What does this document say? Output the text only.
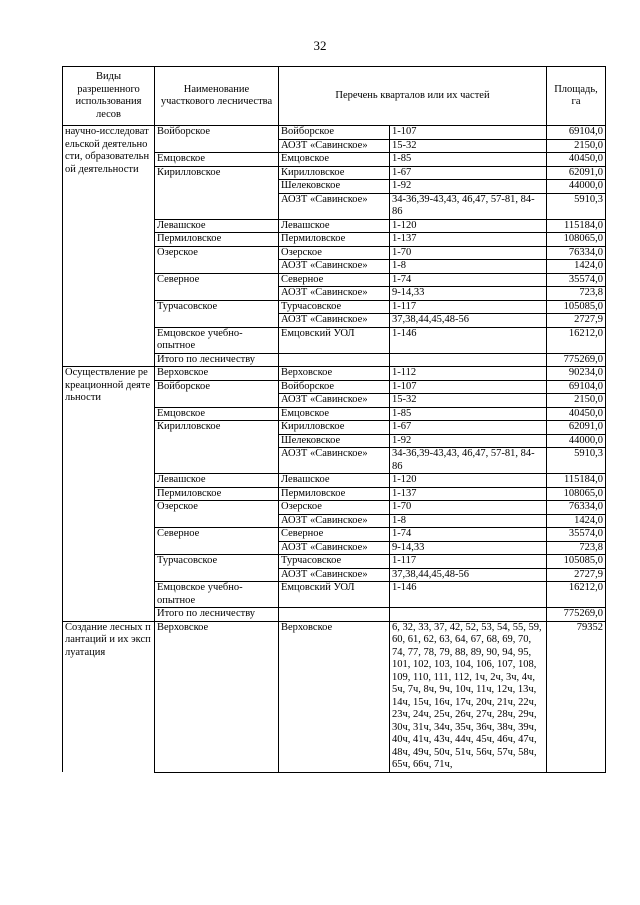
32
Виды разрешенного использования лесов	Наименование участкового лесничества	Перечень кварталов или их частей		Площадь, га
научно-исследовательской деятельности, образовательной деятельности	Войборское	Войборское	1-107	69104,0
		АОЗТ «Савинское»	15-32	2150,0
	Емцовское	Емцовское	1-85	40450,0
	Кирилловское	Кирилловское	1-67	62091,0
		Шелековское	1-92	44000,0
		АОЗТ «Савинское»	34-36,39-43,43, 46,47, 57-81, 84-86	5910,3
	Левашское	Левашское	1-120	115184,0
	Пермиловское	Пермиловское	1-137	108065,0
	Озерское	Озерское	1-70	76334,0
		АОЗТ «Савинское»	1-8	1424,0
	Северное	Северное	1-74	35574,0
		АОЗТ «Савинское»	9-14,33	723,8
	Турчасовское	Турчасовское	1-117	105085,0
		АОЗТ «Савинское»	37,38,44,45,48-56	2727,9
	Емцовское учебно-опытное	Емцовский УОЛ	1-146	16212,0
	Итого по лесничеству			775269,0
Осуществление рекреационной деятельности	Верховское	Верховское	1-112	90234,0
	Войборское	Войборское	1-107	69104,0
		АОЗТ «Савинское»	15-32	2150,0
	Емцовское	Емцовское	1-85	40450,0
	Кирилловское	Кирилловское	1-67	62091,0
		Шелековское	1-92	44000,0
		АОЗТ «Савинское»	34-36,39-43,43, 46,47, 57-81, 84-86	5910,3
	Левашское	Левашское	1-120	115184,0
	Пермиловское	Пермиловское	1-137	108065,0
	Озерское	Озерское	1-70	76334,0
		АОЗТ «Савинское»	1-8	1424,0
	Северное	Северное	1-74	35574,0
		АОЗТ «Савинское»	9-14,33	723,8
	Турчасовское	Турчасовское	1-117	105085,0
		АОЗТ «Савинское»	37,38,44,45,48-56	2727,9
	Емцовское учебно-опытное	Емцовский УОЛ	1-146	16212,0
	Итого по лесничеству			775269,0
Создание лесных плантаций и их эксплуатация	Верховское	Верховское	6, 32, 33, 37, 42, 52, 53, 54, 55, 59, 60, 61, 62, 63, 64, 67, 68, 69, 70, 74, 77, 78, 79, 88, 89, 90, 94, 95, 101, 102, 103, 104, 106, 107, 108, 109, 110, 111, 112, 1ч, 2ч, 3ч, 4ч, 5ч, 7ч, 8ч, 9ч, 10ч, 11ч, 12ч, 13ч, 14ч, 15ч, 16ч, 17ч, 20ч, 21ч, 22ч, 23ч, 24ч, 25ч, 26ч, 27ч, 28ч, 29ч, 30ч, 31ч, 34ч, 35ч, 36ч, 38ч, 39ч, 40ч, 41ч, 43ч, 44ч, 45ч, 46ч, 47ч, 48ч, 49ч, 50ч, 51ч, 56ч, 57ч, 58ч, 65ч, 66ч, 71ч,	79352
